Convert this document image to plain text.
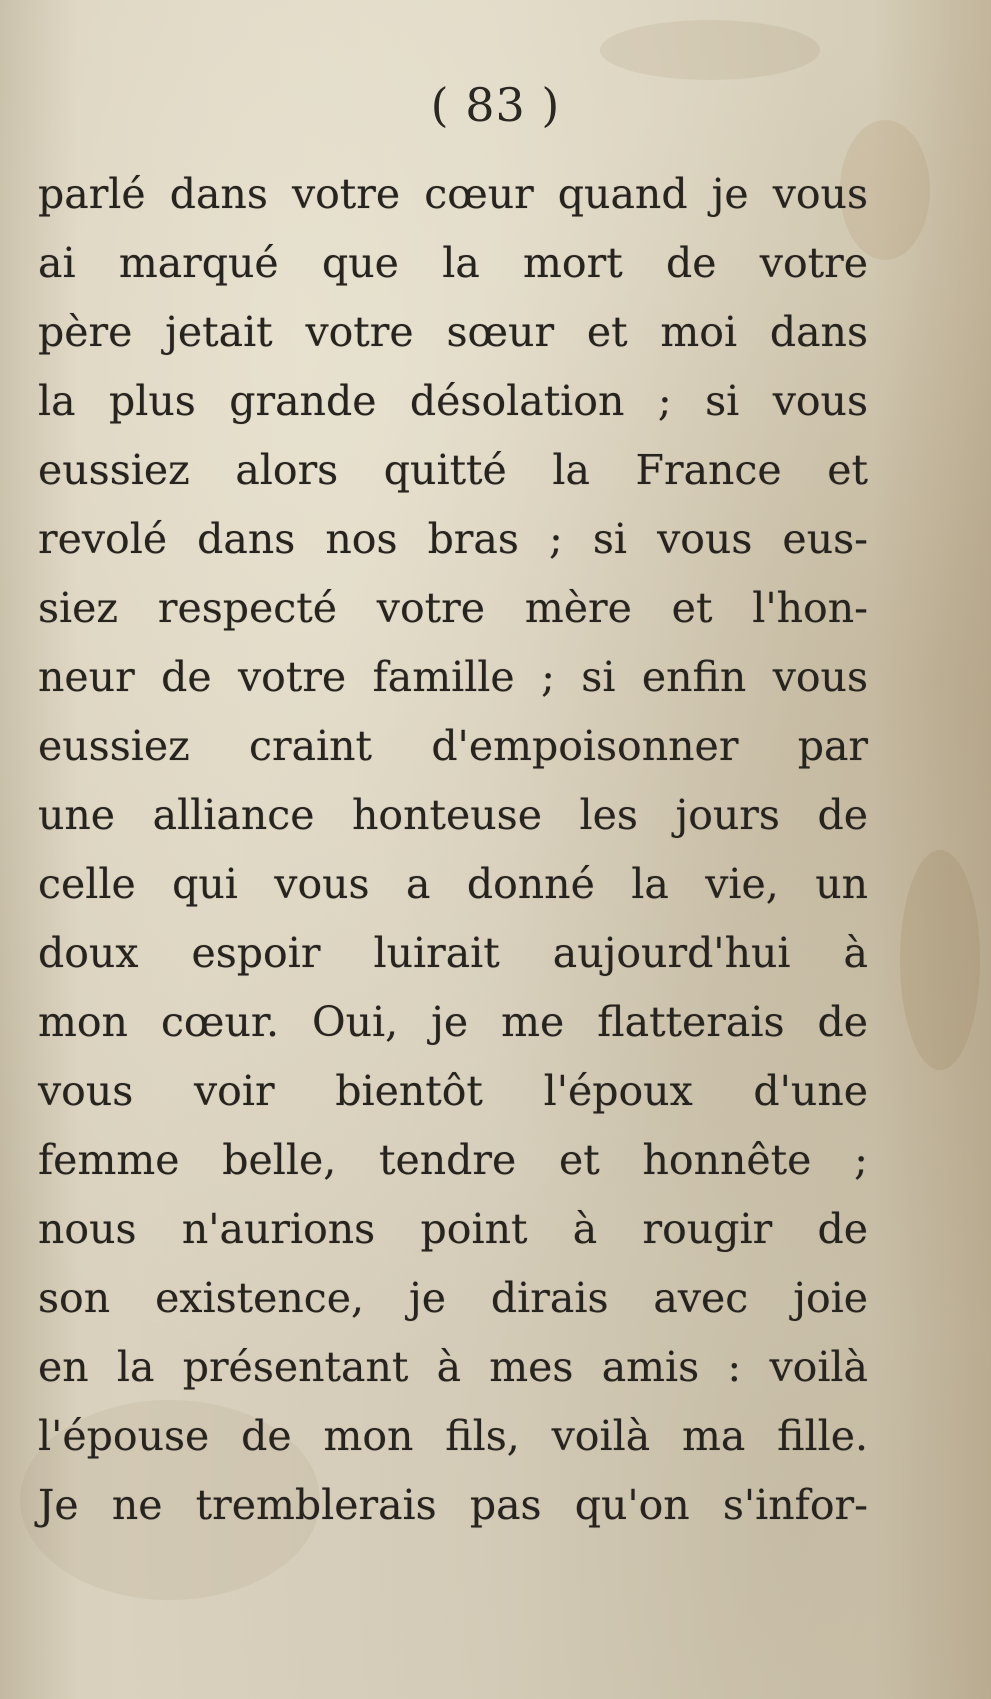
( 83 )
parlé dans votre cœur quand je vous
ai marqué que la mort de votre
père jetait votre sœur et moi dans
la plus grande désolation ; si vous
eussiez alors quitté la France et
revolé dans nos bras ; si vous eus-
siez respecté votre mère et l'hon-
neur de votre famille ; si enfin vous
eussiez craint d'empoisonner par
une alliance honteuse les jours de
celle qui vous a donné la vie, un
doux espoir luirait aujourd'hui à
mon cœur. Oui, je me flatterais de
vous voir bientôt l'époux d'une
femme belle, tendre et honnête ;
nous n'aurions point à rougir de
son existence, je dirais avec joie
en la présentant à mes amis : voilà
l'épouse de mon fils, voilà ma fille.
Je ne tremblerais pas qu'on s'infor-
